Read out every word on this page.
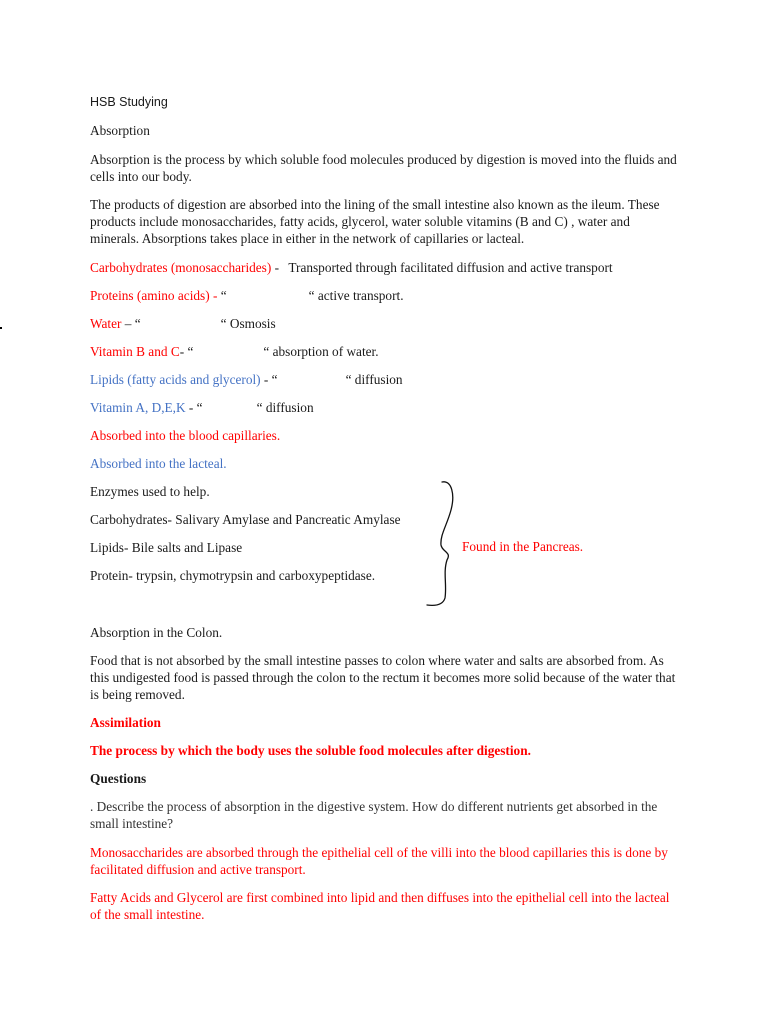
HSB Studying

Absorption

Absorption is the process by which soluble food molecules produced by digestion is moved into the fluids and cells into our body.

The products of digestion are absorbed into the lining of the small intestine also known as the ileum. These products include monosaccharides, fatty acids, glycerol, water soluble vitamins (B and C) , water and minerals. Absorptions takes place in either in the network of capillaries or lacteal.

Carbohydrates (monosaccharides) - Transported through facilitated diffusion and active transport

Proteins (amino acids) - “	“ active transport.

Water – “	“ Osmosis

Vitamin B and C- “	“ absorption of water.

Lipids (fatty acids and glycerol) - “	“ diffusion

Vitamin A, D,E,K - “	“ diffusion

Absorbed into the blood capillaries.

Absorbed into the lacteal.

Enzymes used to help.

Carbohydrates- Salivary Amylase and Pancreatic Amylase

Lipids- Bile salts and Lipase

Protein- trypsin, chymotrypsin and carboxypeptidase.

Found in the Pancreas.

Absorption in the Colon.

Food that is not absorbed by the small intestine passes to colon where water and salts are absorbed from. As this undigested food is passed through the colon to the rectum it becomes more solid because of the water that is being removed.

Assimilation

The process by which the body uses the soluble food molecules after digestion.

Questions

. Describe the process of absorption in the digestive system. How do different nutrients get absorbed in the small intestine?

Monosaccharides are absorbed through the epithelial cell of the villi into the blood capillaries this is done by facilitated diffusion and active transport.

Fatty Acids and Glycerol are first combined into lipid and then diffuses into the epithelial cell into the lacteal of the small intestine.
